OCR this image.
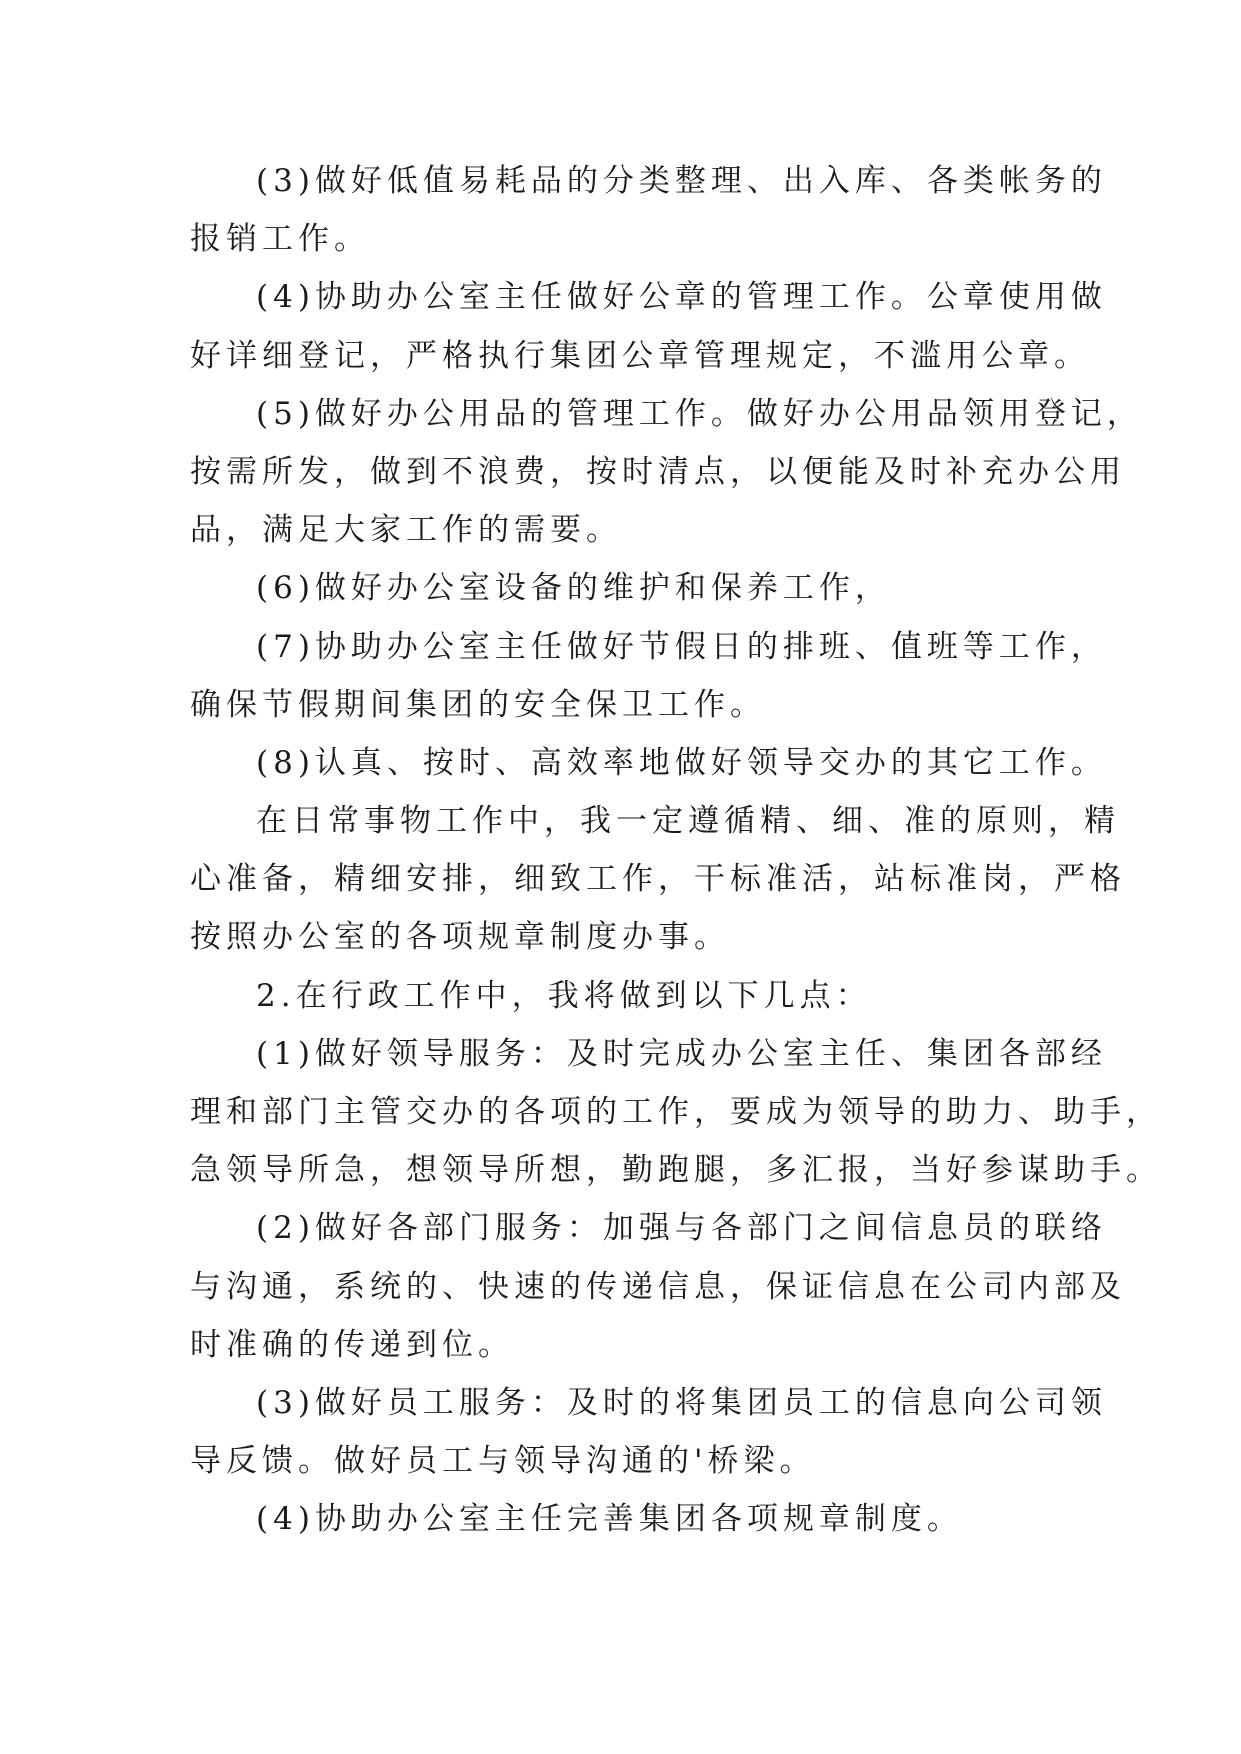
(3)做好低值易耗品的分类整理、出入库、各类帐务的
报销工作。

(4)协助办公室主任做好公章的管理工作。公章使用做
好详细登记，严格执行集团公章管理规定，不滥用公章。

(5)做好办公用品的管理工作。做好办公用品领用登记，
按需所发，做到不浪费，按时清点，以便能及时补充办公用
品，满足大家工作的需要。

(6)做好办公室设备的维护和保养工作，

(7)协助办公室主任做好节假日的排班、值班等工作，
确保节假期间集团的安全保卫工作。

(8)认真、按时、高效率地做好领导交办的其它工作。

在日常事物工作中，我一定遵循精、细、准的原则，精
心准备，精细安排，细致工作，干标准活，站标准岗，严格
按照办公室的各项规章制度办事。

2.在行政工作中，我将做到以下几点：

(1)做好领导服务：及时完成办公室主任、集团各部经
理和部门主管交办的各项的工作，要成为领导的助力、助手，
急领导所急，想领导所想，勤跑腿，多汇报，当好参谋助手。

(2)做好各部门服务：加强与各部门之间信息员的联络
与沟通，系统的、快速的传递信息，保证信息在公司内部及
时准确的传递到位。

(3)做好员工服务：及时的将集团员工的信息向公司领
导反馈。做好员工与领导沟通的'桥梁。

(4)协助办公室主任完善集团各项规章制度。
